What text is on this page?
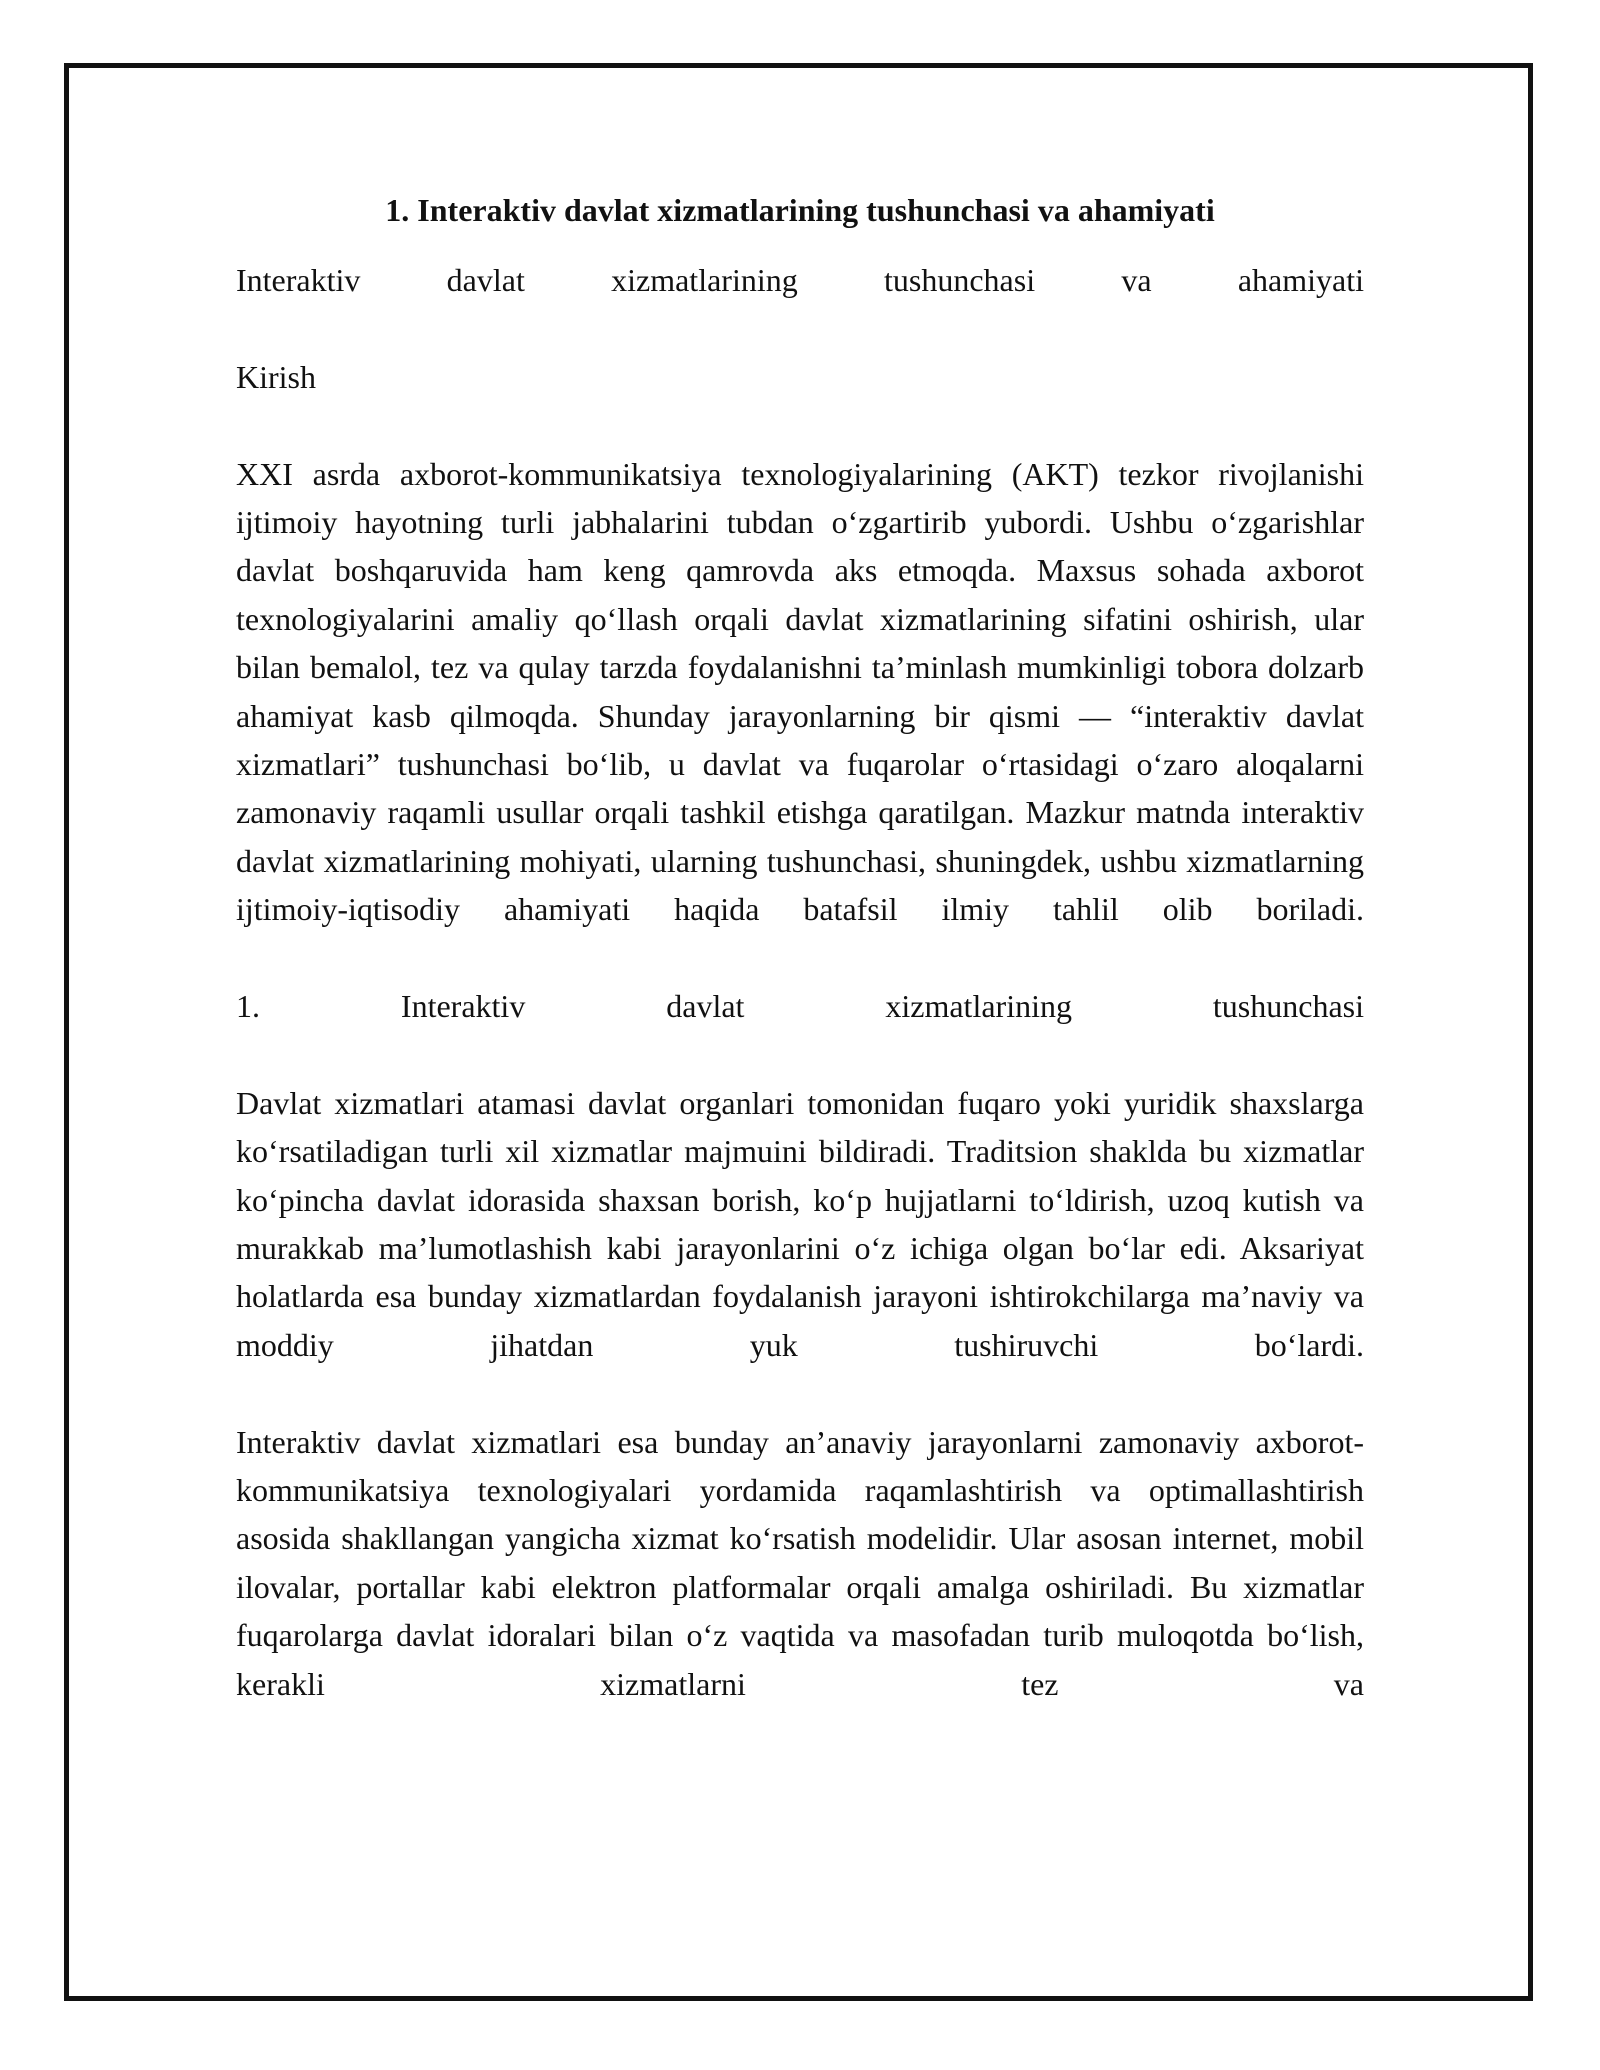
1. Interaktiv davlat xizmatlarining tushunchasi va ahamiyati

Interaktiv davlat xizmatlarining tushunchasi va ahamiyati

Kirish

XXI asrda axborot-kommunikatsiya texnologiyalarining (AKT) tezkor rivojlanishi ijtimoiy hayotning turli jabhalarini tubdan o‘zgartirib yubordi. Ushbu o‘zgarishlar davlat boshqaruvida ham keng qamrovda aks etmoqda. Maxsus sohada axborot texnologiyalarini amaliy qo‘llash orqali davlat xizmatlarining sifatini oshirish, ular bilan bemalol, tez va qulay tarzda foydalanishni ta’minlash mumkinligi tobora dolzarb ahamiyat kasb qilmoqda. Shunday jarayonlarning bir qismi — “interaktiv davlat xizmatlari” tushunchasi bo‘lib, u davlat va fuqarolar o‘rtasidagi o‘zaro aloqalarni zamonaviy raqamli usullar orqali tashkil etishga qaratilgan. Mazkur matnda interaktiv davlat xizmatlarining mohiyati, ularning tushunchasi, shuningdek, ushbu xizmatlarning ijtimoiy-iqtisodiy ahamiyati haqida batafsil ilmiy tahlil olib boriladi.

1. Interaktiv davlat xizmatlarining tushunchasi

Davlat xizmatlari atamasi davlat organlari tomonidan fuqaro yoki yuridik shaxslarga ko‘rsatiladigan turli xil xizmatlar majmuini bildiradi. Traditsion shaklda bu xizmatlar ko‘pincha davlat idorasida shaxsan borish, ko‘p hujjatlarni to‘ldirish, uzoq kutish va murakkab ma’lumotlashish kabi jarayonlarini o‘z ichiga olgan bo‘lar edi. Aksariyat holatlarda esa bunday xizmatlardan foydalanish jarayoni ishtirokchilarga ma’naviy va moddiy jihatdan yuk tushiruvchi bo‘lardi.

Interaktiv davlat xizmatlari esa bunday an’anaviy jarayonlarni zamonaviy axborot-kommunikatsiya texnologiyalari yordamida raqamlashtirish va optimallashtirish asosida shakllangan yangicha xizmat ko‘rsatish modelidir. Ular asosan internet, mobil ilovalar, portallar kabi elektron platformalar orqali amalga oshiriladi. Bu xizmatlar fuqarolarga davlat idoralari bilan o‘z vaqtida va masofadan turib muloqotda bo‘lish, kerakli xizmatlarni tez va
